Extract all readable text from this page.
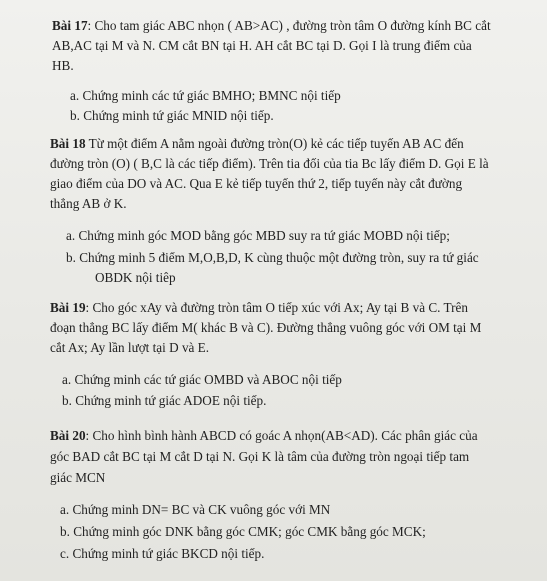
Bài 17: Cho tam giác ABC nhọn ( AB>AC) , đường tròn tâm O đường kính BC cắt
AB,AC tại M và N. CM cắt BN tại H. AH cắt BC tại D. Gọi I là trung điểm của
HB.
a. Chứng minh các tứ giác BMHO; BMNC nội tiếp
b. Chứng minh tứ giác MNID nội tiếp.
Bài 18 Từ một điểm A nằm ngoài đường tròn(O) kẻ các tiếp tuyến AB AC đến
đường tròn (O) ( B,C là các tiếp điểm). Trên tia đối của tia Bc lấy điểm D. Gọi E là
giao điểm của DO và AC. Qua E kẻ tiếp tuyến thứ 2, tiếp tuyến này cắt đường
thẳng AB ở K.
a. Chứng minh góc MOD bằng góc MBD suy ra tứ giác MOBD nội tiếp;
b. Chứng minh 5 điểm M,O,B,D, K cùng thuộc một đường tròn, suy ra tứ giác
OBDK nội tiêp
Bài 19: Cho góc xAy và đường tròn tâm O tiếp xúc với Ax; Ay tại B và C. Trên
đoạn thẳng BC lấy điểm M( khác B và C). Đường thẳng vuông góc với OM tại M
cắt Ax; Ay lần lượt tại D và E.
a. Chứng minh các tứ giác OMBD và ABOC nội tiếp
b. Chứng minh tứ giác ADOE nội tiếp.
Bài 20: Cho hình bình hành ABCD có goác A nhọn(AB<AD). Các phân giác của
góc BAD cắt BC tại M cắt D tại N. Gọi K là tâm của đường tròn ngoại tiếp tam
giác MCN
a. Chứng minh DN= BC và CK vuông góc với MN
b. Chứng minh góc DNK bằng góc CMK; góc CMK bằng góc MCK;
c. Chứng minh tứ giác BKCD nội tiếp.
